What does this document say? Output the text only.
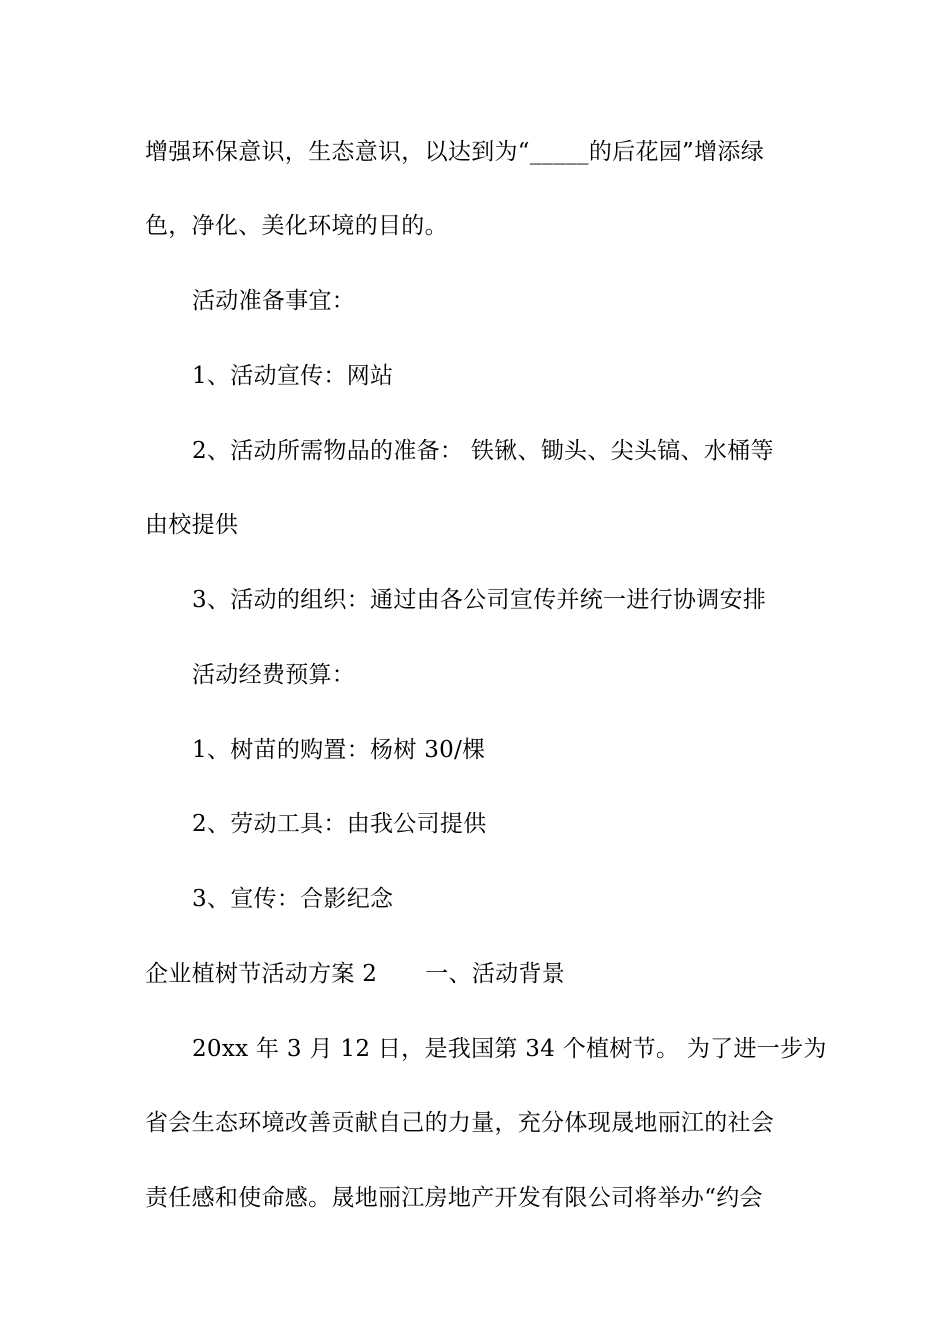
增强环保意识，生态意识，以达到为“_____的后花园”增添绿
色，净化、美化环境的目的。
活动准备事宜：
1、活动宣传：网站
2、活动所需物品的准备： 铁锹、锄头、尖头镐、水桶等
由校提供
3、活动的组织：通过由各公司宣传并统一进行协调安排
活动经费预算：
1、树苗的购置：杨树 30/棵
2、劳动工具：由我公司提供
3、宣传：合影纪念
企业植树节活动方案 2 一、活动背景
20xx 年 3 月 12 日，是我国第 34 个植树节。 为了进一步为
省会生态环境改善贡献自己的力量，充分体现晟地丽江的社会
责任感和使命感。晟地丽江房地产开发有限公司将举办“约会
